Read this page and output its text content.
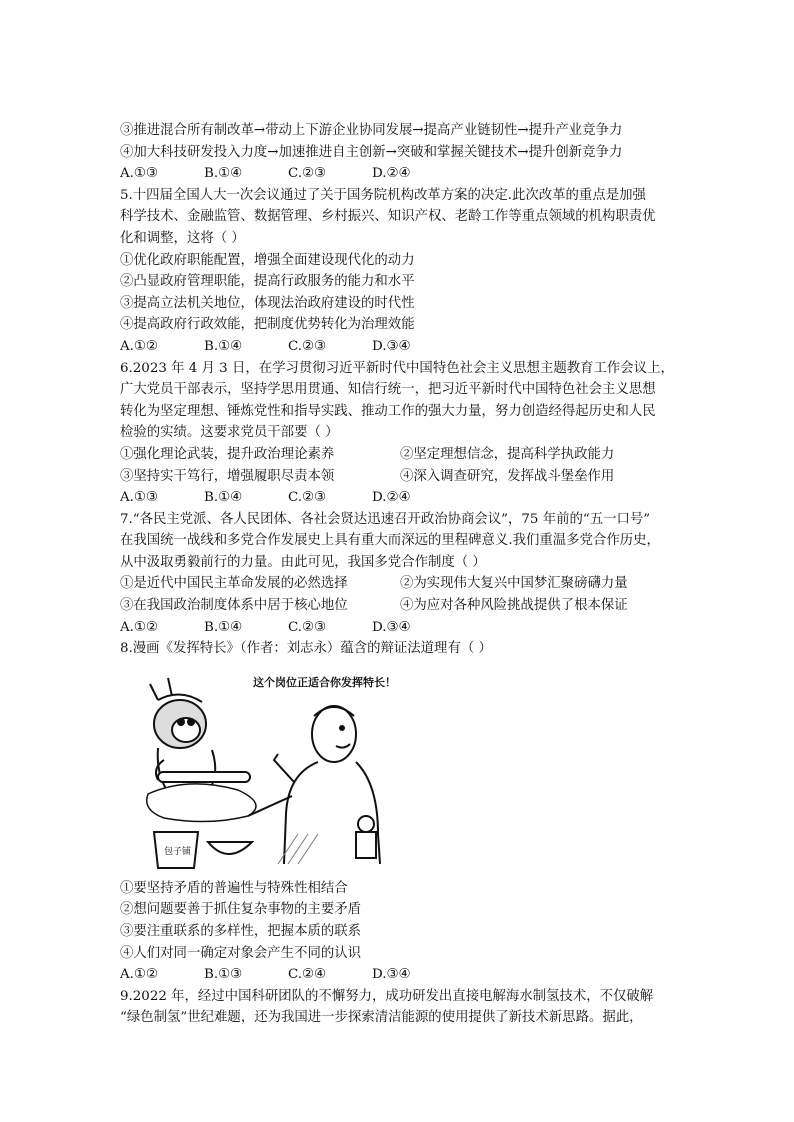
③推进混合所有制改革→带动上下游企业协同发展→提高产业链韧性→提升产业竞争力
④加大科技研发投入力度→加速推进自主创新→突破和掌握关键技术→提升创新竞争力
A.①③	B.①④	C.②③	D.②④
5.十四届全国人大一次会议通过了关于国务院机构改革方案的决定.此次改革的重点是加强
科学技术、金融监管、数据管理、乡村振兴、知识产权、老龄工作等重点领域的机构职责优
化和调整，这将（ ）
①优化政府职能配置，增强全面建设现代化的动力
②凸显政府管理职能，提高行政服务的能力和水平
③提高立法机关地位，体现法治政府建设的时代性
④提高政府行政效能，把制度优势转化为治理效能
A.①②	B.①④	C.②③	D.③④
6.2023 年 4 月 3 日，在学习贯彻习近平新时代中国特色社会主义思想主题教育工作会议上，
广大党员干部表示，坚持学思用贯通、知信行统一，把习近平新时代中国特色社会主义思想
转化为坚定理想、锤炼党性和指导实践、推动工作的强大力量，努力创造经得起历史和人民
检验的实绩。这要求党员干部要（ ）
①强化理论武装，提升政治理论素养	②坚定理想信念，提高科学执政能力
③坚持实干笃行，增强履职尽责本领	④深入调查研究，发挥战斗堡垒作用
A.①③	B.①④	C.②③	D.②④
7.“各民主党派、各人民团体、各社会贤达迅速召开政治协商会议”，75 年前的“五一口号”
在我国统一战线和多党合作发展史上具有重大而深远的里程碑意义.我们重温多党合作历史，
从中汲取勇毅前行的力量。由此可见，我国多党合作制度（ ）
①是近代中国民主革命发展的必然选择	②为实现伟大复兴中国梦汇聚磅礴力量
③在我国政治制度体系中居于核心地位	④为应对各种风险挑战提供了根本保证
A.①②	B.①④	C.②③	D.③④
8.漫画《发挥特长》（作者：刘志永）蕴含的辩证法道理有（ ）
这个岗位正适合你发挥特长！
包子铺
①要坚持矛盾的普遍性与特殊性相结合
②想问题要善于抓住复杂事物的主要矛盾
③要注重联系的多样性，把握本质的联系
④人们对同一确定对象会产生不同的认识
A.①②	B.①③	C.②④	D.③④
9.2022 年，经过中国科研团队的不懈努力，成功研发出直接电解海水制氢技术，不仅破解
“绿色制氢”世纪难题，还为我国进一步探索清洁能源的使用提供了新技术新思路。据此，
